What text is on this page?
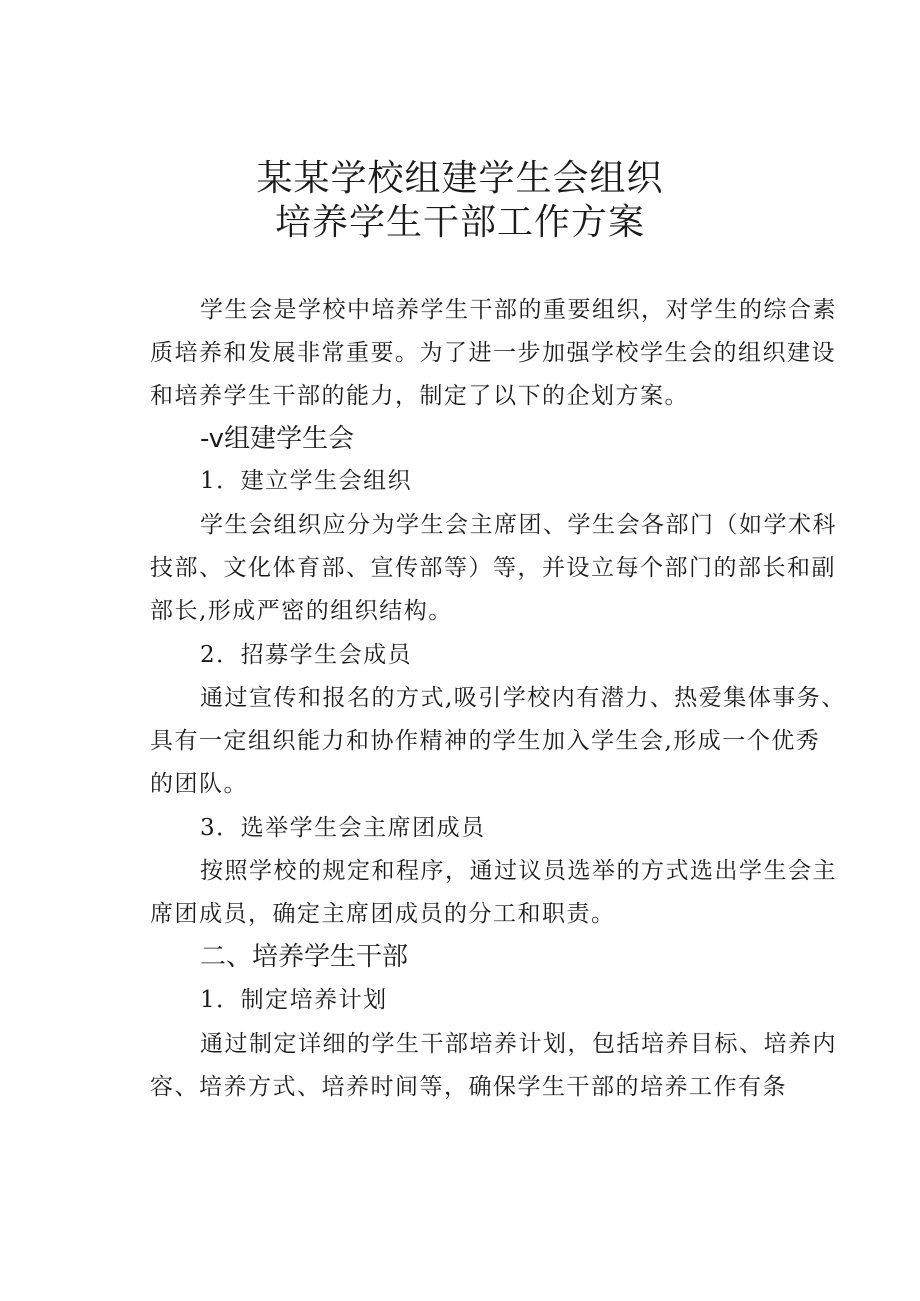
某某学校组建学生会组织
培养学生干部工作方案
学生会是学校中培养学生干部的重要组织，对学生的综合素
质培养和发展非常重要。为了进一步加强学校学生会的组织建设
和培养学生干部的能力，制定了以下的企划方案。
-v组建学生会
1．建立学生会组织
学生会组织应分为学生会主席团、学生会各部门（如学术科
技部、文化体育部、宣传部等）等，并设立每个部门的部长和副
部长,形成严密的组织结构。
2．招募学生会成员
通过宣传和报名的方式,吸引学校内有潜力、热爱集体事务、
具有一定组织能力和协作精神的学生加入学生会,形成一个优秀
的团队。
3．选举学生会主席团成员
按照学校的规定和程序，通过议员选举的方式选出学生会主
席团成员，确定主席团成员的分工和职责。
二、培养学生干部
1．制定培养计划
通过制定详细的学生干部培养计划，包括培养目标、培养内
容、培养方式、培养时间等，确保学生干部的培养工作有条
